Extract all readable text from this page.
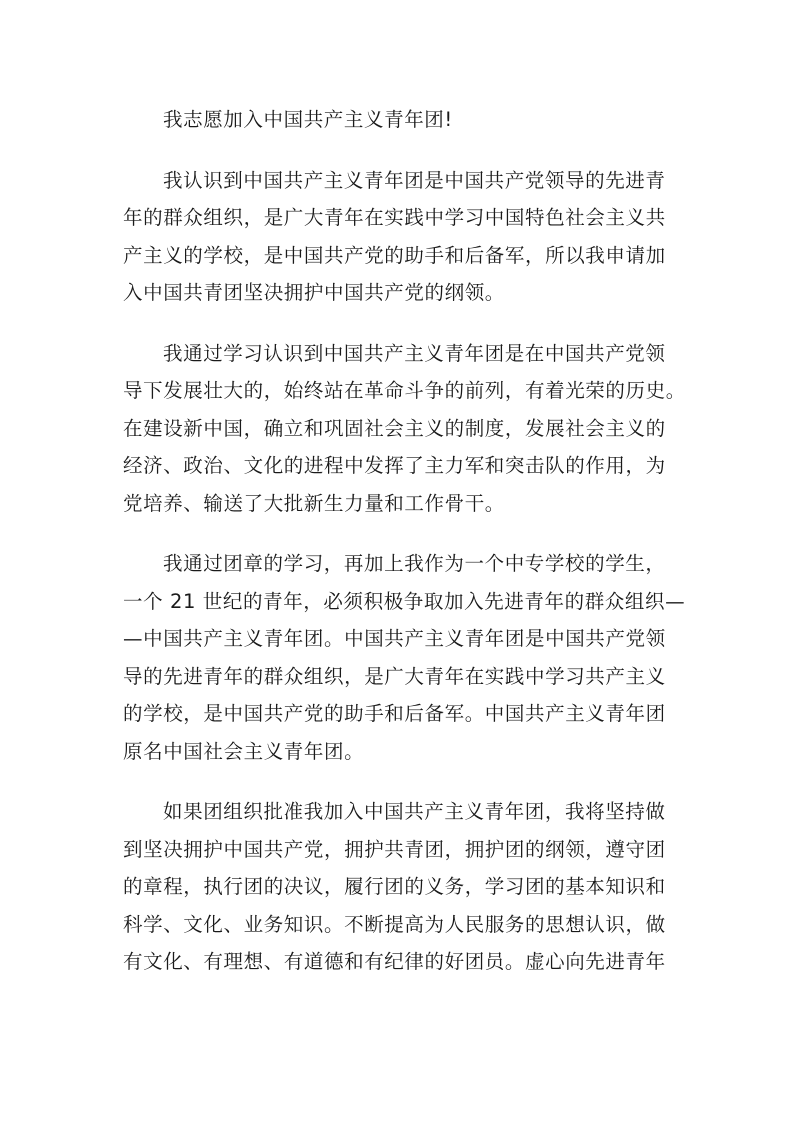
我志愿加入中国共产主义青年团!
我认识到中国共产主义青年团是中国共产党领导的先进青
年的群众组织，是广大青年在实践中学习中国特色社会主义共
产主义的学校，是中国共产党的助手和后备军，所以我申请加
入中国共青团坚决拥护中国共产党的纲领。
我通过学习认识到中国共产主义青年团是在中国共产党领
导下发展壮大的，始终站在革命斗争的前列，有着光荣的历史。
在建设新中国，确立和巩固社会主义的制度，发展社会主义的
经济、政治、文化的进程中发挥了主力军和突击队的作用，为
党培养、输送了大批新生力量和工作骨干。
我通过团章的学习，再加上我作为一个中专学校的学生，
一个 21 世纪的青年，必须积极争取加入先进青年的群众组织—
—中国共产主义青年团。中国共产主义青年团是中国共产党领
导的先进青年的群众组织，是广大青年在实践中学习共产主义
的学校，是中国共产党的助手和后备军。中国共产主义青年团
原名中国社会主义青年团。
如果团组织批准我加入中国共产主义青年团，我将坚持做
到坚决拥护中国共产党，拥护共青团，拥护团的纲领，遵守团
的章程，执行团的决议，履行团的义务，学习团的基本知识和
科学、文化、业务知识。不断提高为人民服务的思想认识，做
有文化、有理想、有道德和有纪律的好团员。虚心向先进青年
